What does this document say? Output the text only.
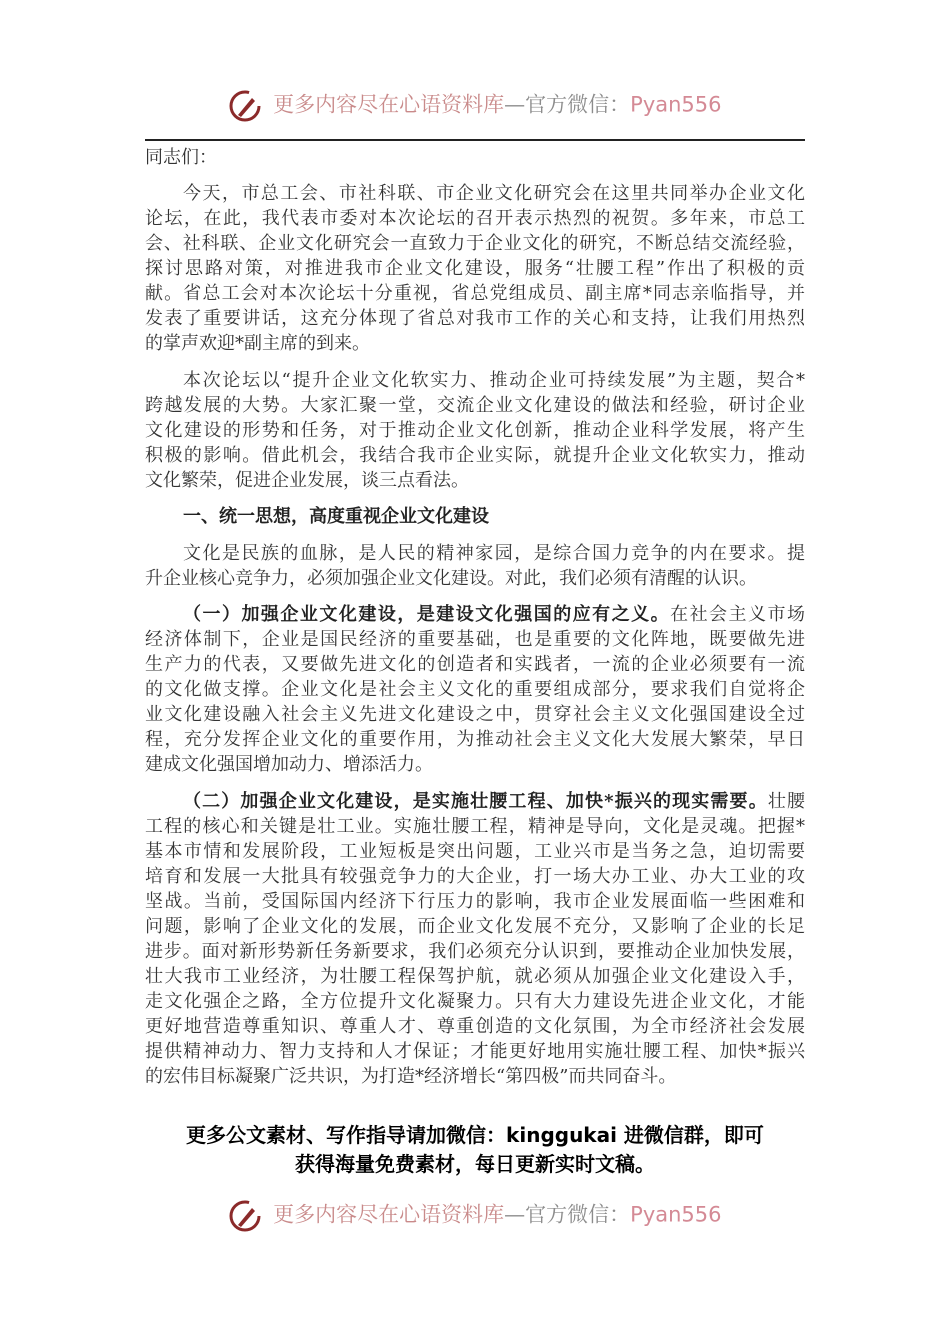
更多内容尽在心语资料库—官方微信：Pyan556
同志们：
今天，市总工会、市社科联、市企业文化研究会在这里共同举办企业文化
论坛，在此，我代表市委对本次论坛的召开表示热烈的祝贺。多年来，市总工
会、社科联、企业文化研究会一直致力于企业文化的研究，不断总结交流经验，
探讨思路对策，对推进我市企业文化建设，服务“壮腰工程”作出了积极的贡
献。省总工会对本次论坛十分重视，省总党组成员、副主席*同志亲临指导，并
发表了重要讲话，这充分体现了省总对我市工作的关心和支持，让我们用热烈
的掌声欢迎*副主席的到来。
本次论坛以“提升企业文化软实力、推动企业可持续发展”为主题，契合*
跨越发展的大势。大家汇聚一堂，交流企业文化建设的做法和经验，研讨企业
文化建设的形势和任务，对于推动企业文化创新，推动企业科学发展，将产生
积极的影响。借此机会，我结合我市企业实际，就提升企业文化软实力，推动
文化繁荣，促进企业发展，谈三点看法。
文化是民族的血脉，是人民的精神家园，是综合国力竞争的内在要求。提
升企业核心竞争力，必须加强企业文化建设。对此，我们必须有清醒的认识。
经济体制下，企业是国民经济的重要基础，也是重要的文化阵地，既要做先进
生产力的代表，又要做先进文化的创造者和实践者，一流的企业必须要有一流
的文化做支撑。企业文化是社会主义文化的重要组成部分，要求我们自觉将企
业文化建设融入社会主义先进文化建设之中，贯穿社会主义文化强国建设全过
程，充分发挥企业文化的重要作用，为推动社会主义文化大发展大繁荣，早日
建成文化强国增加动力、增添活力。
工程的核心和关键是壮工业。实施壮腰工程，精神是导向，文化是灵魂。把握*
基本市情和发展阶段，工业短板是突出问题，工业兴市是当务之急，迫切需要
培育和发展一大批具有较强竞争力的大企业，打一场大办工业、办大工业的攻
坚战。当前，受国际国内经济下行压力的影响，我市企业发展面临一些困难和
问题，影响了企业文化的发展，而企业文化发展不充分，又影响了企业的长足
进步。面对新形势新任务新要求，我们必须充分认识到，要推动企业加快发展，
壮大我市工业经济，为壮腰工程保驾护航，就必须从加强企业文化建设入手，
走文化强企之路，全方位提升文化凝聚力。只有大力建设先进企业文化，才能
更好地营造尊重知识、尊重人才、尊重创造的文化氛围，为全市经济社会发展
提供精神动力、智力支持和人才保证；才能更好地用实施壮腰工程、加快*振兴
的宏伟目标凝聚广泛共识，为打造*经济增长“第四极”而共同奋斗。
一、统一思想，高度重视企业文化建设
（一）加强企业文化建设，是建设文化强国的应有之义。在社会主义市场
（二）加强企业文化建设，是实施壮腰工程、加快*振兴的现实需要。壮腰
更多公文素材、写作指导请加微信：kinggukai 进微信群，即可
获得海量免费素材，每日更新实时文稿。
更多内容尽在心语资料库—官方微信：Pyan556
